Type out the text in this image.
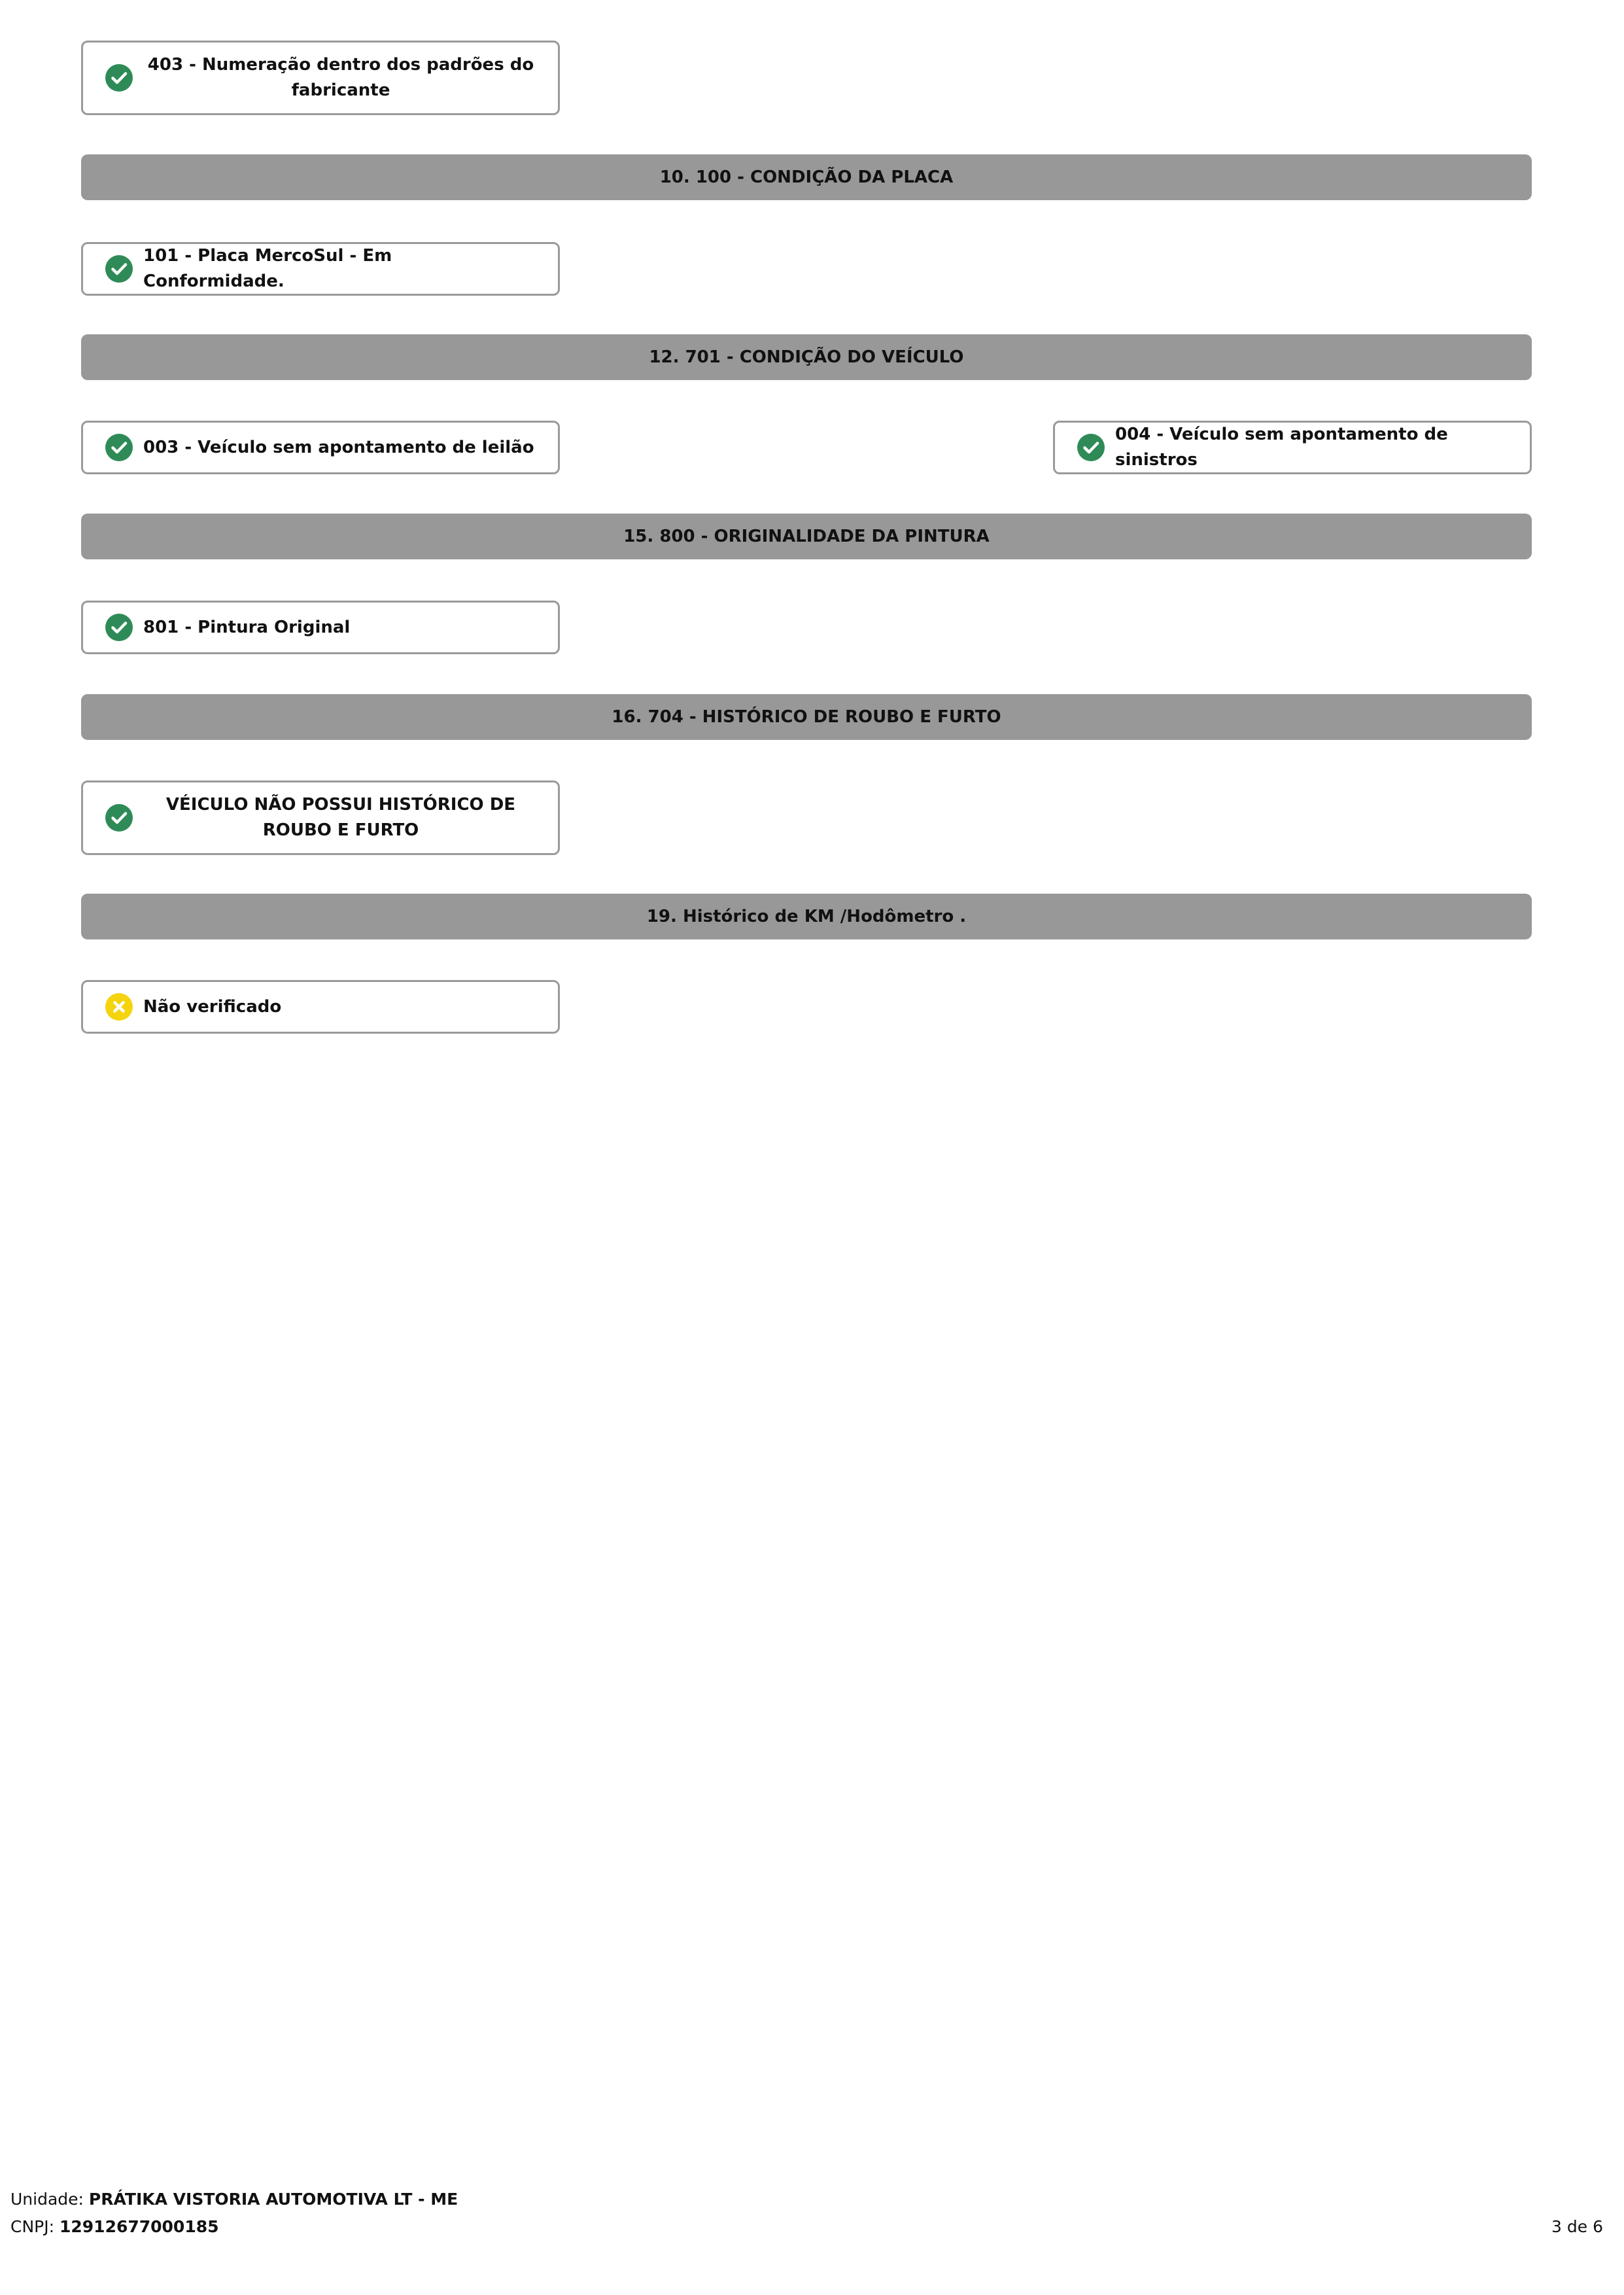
403 - Numeração dentro dos padrões do fabricante
10. 100 - CONDIÇÃO DA PLACA
101 - Placa MercoSul - Em Conformidade.
12. 701 - CONDIÇÃO DO VEÍCULO
003 - Veículo sem apontamento de leilão
004 - Veículo sem apontamento de sinistros
15. 800 - ORIGINALIDADE DA PINTURA
801 - Pintura Original
16. 704 - HISTÓRICO DE ROUBO E FURTO
VÉICULO NÃO POSSUI HISTÓRICO DE ROUBO E FURTO
19. Histórico de KM /Hodômetro .
Não verificado
Unidade: PRÁTIKA VISTORIA AUTOMOTIVA LT - ME
CNPJ: 12912677000185	3 de 6
